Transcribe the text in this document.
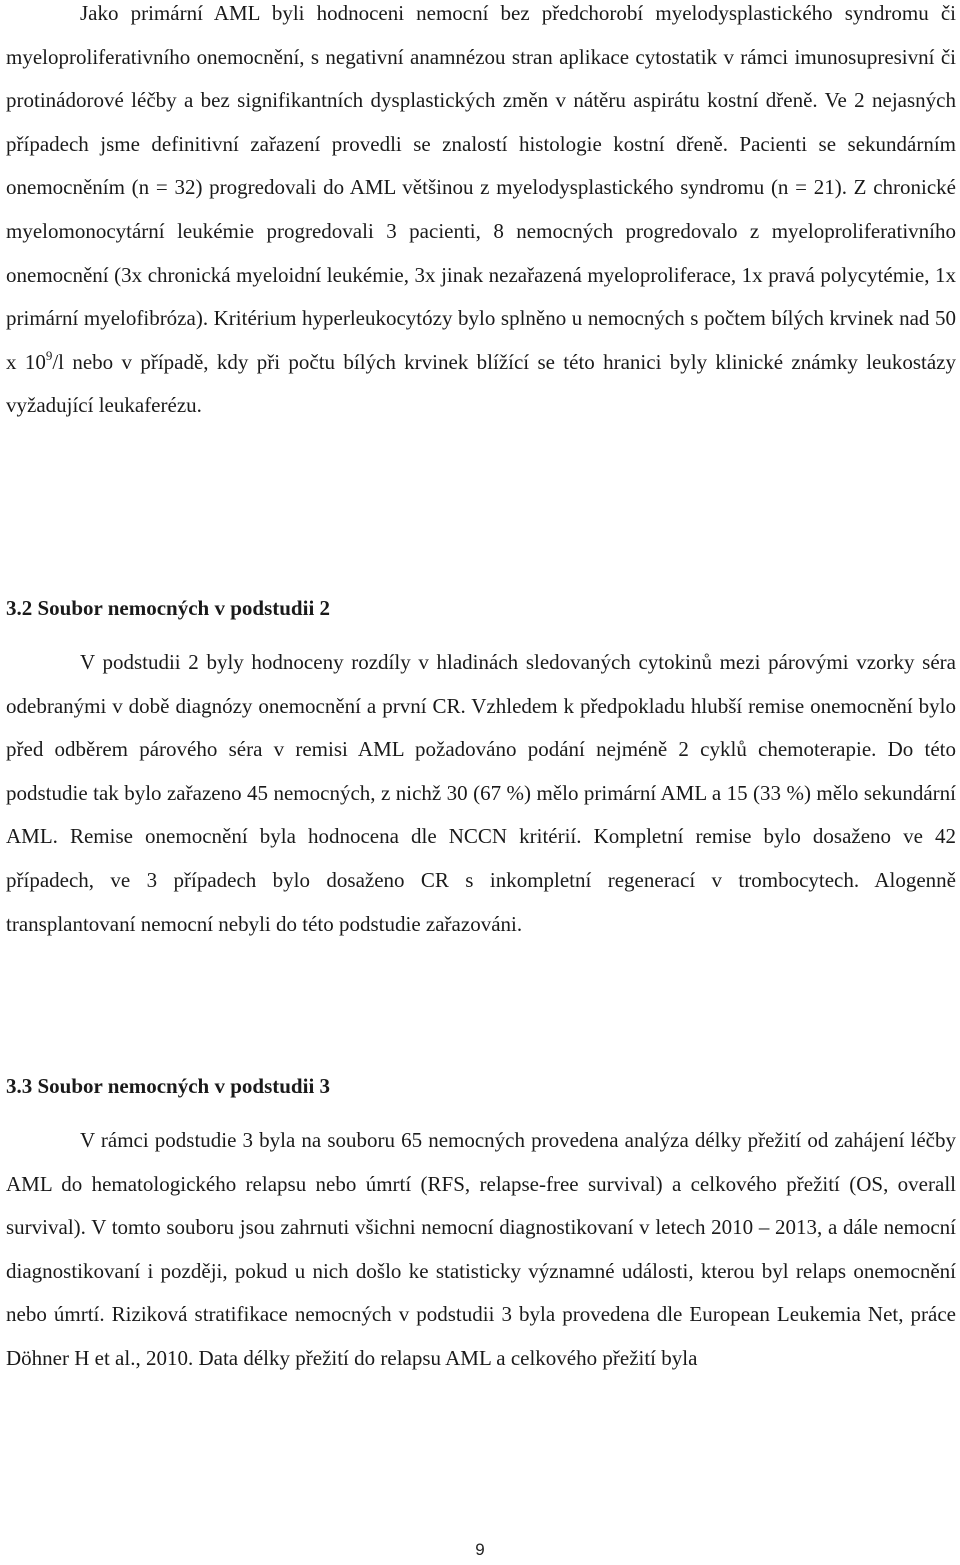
Jako primární AML byli hodnoceni nemocní bez předchorobí myelodysplastického syndromu či myeloproliferativního onemocnění, s negativní anamnézou stran aplikace cytostatik v rámci imunosupresivní či protinádorové léčby a bez signifikantních dysplastických změn v nátěru aspirátu kostní dřeně. Ve 2 nejasných případech jsme definitivní zařazení provedli se znalostí histologie kostní dřeně. Pacienti se sekundárním onemocněním (n = 32) progredovali do AML většinou z myelodysplastického syndromu (n = 21). Z chronické myelomonocytární leukémie progredovali 3 pacienti, 8 nemocných progredovalo z myeloproliferativního onemocnění (3x chronická myeloidní leukémie, 3x jinak nezařazená myeloproliferace, 1x pravá polycytémie, 1x primární myelofibróza). Kritérium hyperleukocytózy bylo splněno u nemocných s počtem bílých krvinek nad 50 x $10^9/l$ nebo v případě, kdy při počtu bílých krvinek blížící se této hranici byly klinické známky leukostázy vyžadující leukaferézu.

3.2 Soubor nemocných v podstudii 2

V podstudii 2 byly hodnoceny rozdíly v hladinách sledovaných cytokinů mezi párovými vzorky séra odebranými v době diagnózy onemocnění a první CR. Vzhledem k předpokladu hlubší remise onemocnění bylo před odběrem párového séra v remisi AML požadováno podání nejméně 2 cyklů chemoterapie. Do této podstudie tak bylo zařazeno 45 nemocných, z nichž 30 (67 %) mělo primární AML a 15 (33 %) mělo sekundární AML. Remise onemocnění byla hodnocena dle NCCN kritérií. Kompletní remise bylo dosaženo ve 42 případech, ve 3 případech bylo dosaženo CR s inkompletní regenerací v trombocytech. Alogenně transplantovaní nemocní nebyli do této podstudie zařazováni.

3.3 Soubor nemocných v podstudii 3

V rámci podstudie 3 byla na souboru 65 nemocných provedena analýza délky přežití od zahájení léčby AML do hematologického relapsu nebo úmrtí (RFS, relapse-free survival) a celkového přežití (OS, overall survival). V tomto souboru jsou zahrnuti všichni nemocní diagnostikovaní v letech 2010 – 2013, a dále nemocní diagnostikovaní i později, pokud u nich došlo ke statisticky významné události, kterou byl relaps onemocnění nebo úmrtí. Riziková stratifikace nemocných v podstudii 3 byla provedena dle European Leukemia Net, práce Döhner H et al., 2010. Data délky přežití do relapsu AML a celkového přežití byla

9
